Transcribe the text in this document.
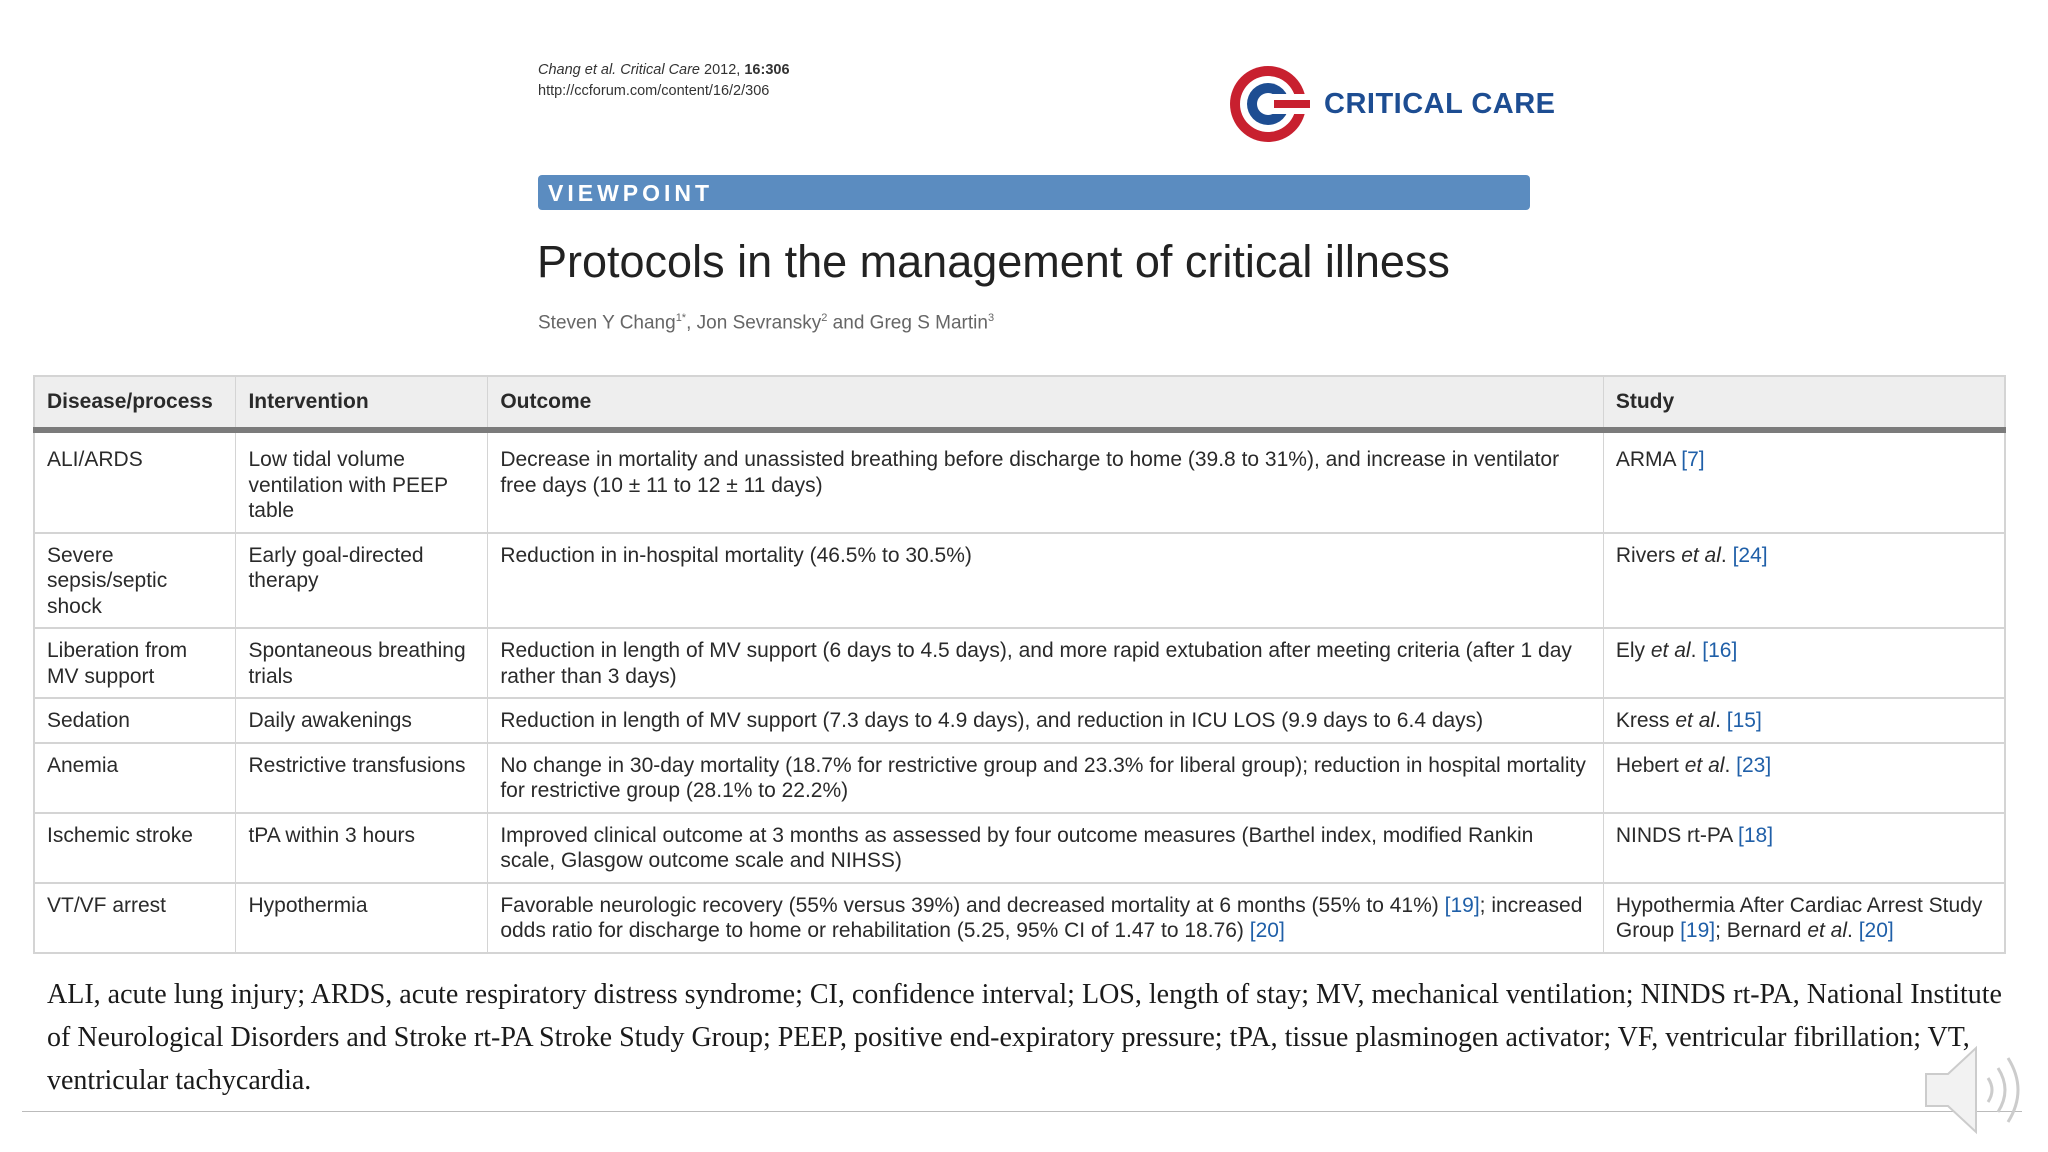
Chang et al. Critical Care 2012, 16:306
http://ccforum.com/content/16/2/306	CRITICAL CARE
VIEWPOINT
Protocols in the management of critical illness
Steven Y Chang$^{1*}$, Jon Sevransky$^2$ and Greg S Martin$^3$
Disease/process	Intervention	Outcome	Study
ALI/ARDS	Low tidal volume ventilation with PEEP table	Decrease in mortality and unassisted breathing before discharge to home (39.8 to 31%), and increase in ventilator free days (10 ± 11 to 12 ± 11 days)	ARMA [ 7 ]
Severe sepsis/septic shock	Early goal-directed therapy	Reduction in in-hospital mortality (46.5% to 30.5%)	Rivers et al. [ 24 ]
Liberation from MV support	Spontaneous breathing trials	Reduction in length of MV support (6 days to 4.5 days), and more rapid extubation after meeting criteria (after 1 day rather than 3 days)	Ely et al. [ 16 ]
Sedation	Daily awakenings	Reduction in length of MV support (7.3 days to 4.9 days), and reduction in ICU LOS (9.9 days to 6.4 days)	Kress et al. [ 15 ]
Anemia	Restrictive transfusions	No change in 30-day mortality (18.7% for restrictive group and 23.3% for liberal group); reduction in hospital mortality for restrictive group (28.1% to 22.2%)	Hebert et al. [ 23 ]
Ischemic stroke	tPA within 3 hours	Improved clinical outcome at 3 months as assessed by four outcome measures (Barthel index, modified Rankin scale, Glasgow outcome scale and NIHSS)	NINDS rt-PA [ 18 ]
VT/VF arrest	Hypothermia	Favorable neurologic recovery (55% versus 39%) and decreased mortality at 6 months (55% to 41%) [ 19 ] ; increased odds ratio for discharge to home or rehabilitation (5.25, 95% CI of 1.47 to 18.76) [ 20 ]	Hypothermia After Cardiac Arrest Study Group [ 19 ] ; Bernard et al. [ 20 ]
ALI, acute lung injury; ARDS, acute respiratory distress syndrome; CI, confidence interval; LOS, length of stay; MV, mechanical ventilation; NINDS rt-PA, National Institute of Neurological Disorders and Stroke rt-PA Stroke Study Group; PEEP, positive end-expiratory pressure; tPA, tissue plasminogen activator; VF, ventricular fibrillation; VT, ventricular tachycardia.
